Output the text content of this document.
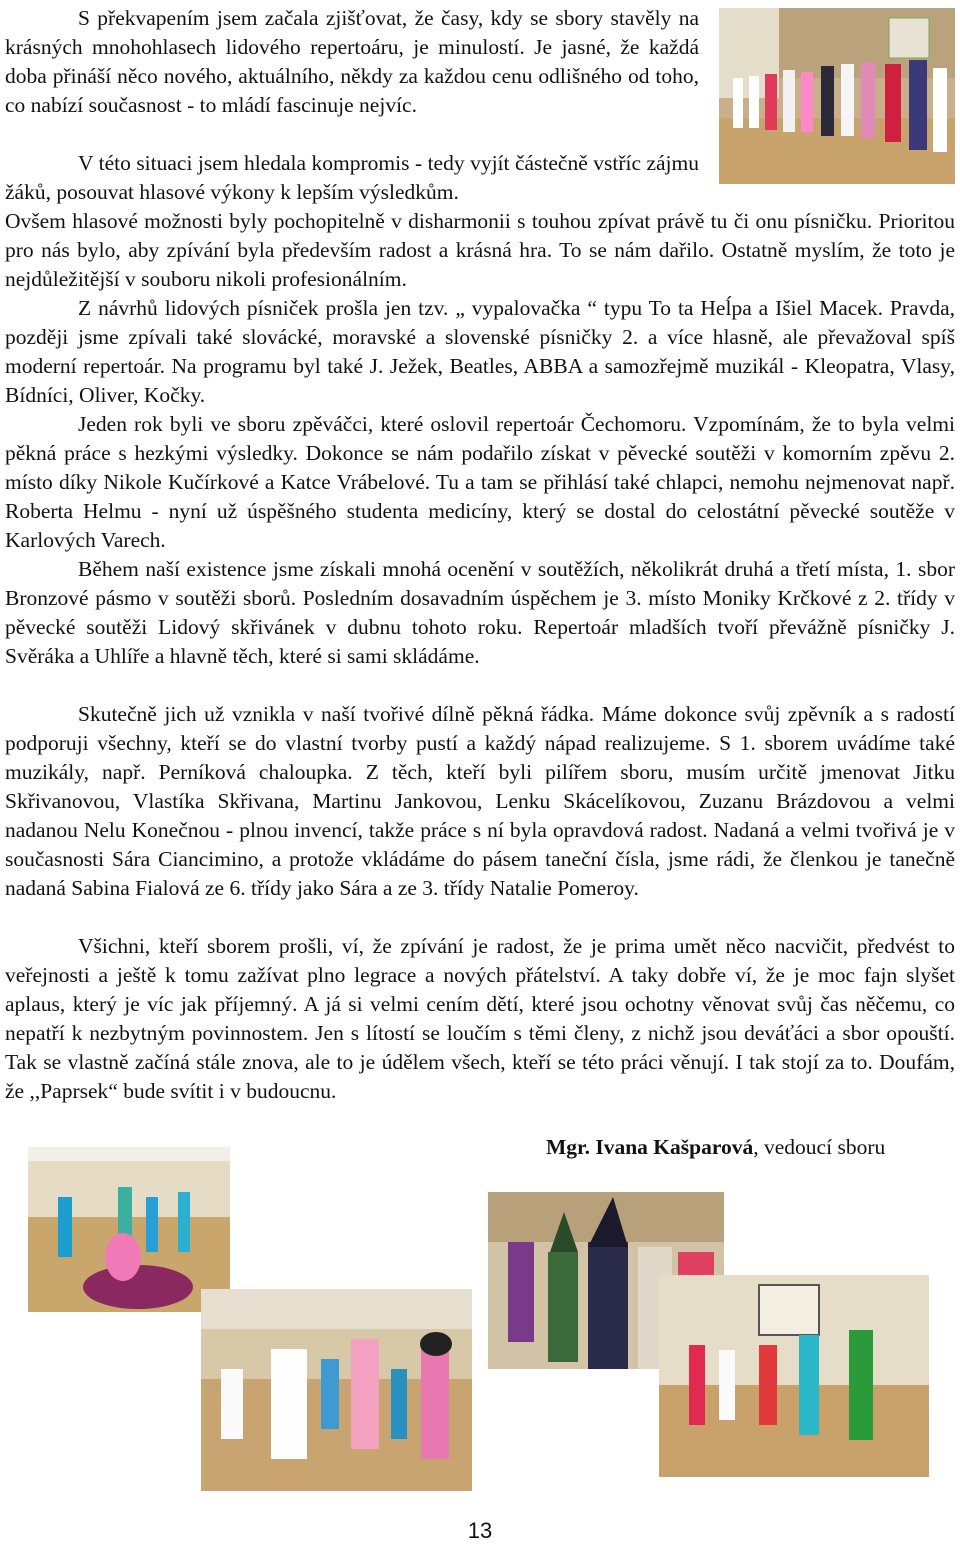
S překvapením jsem začala zjišťovat, že časy, kdy se sbory stavěly na krásných mnohohlasech lidového repertoáru, je minulostí. Je jasné, že každá doba přináší něco nového, aktuálního, někdy za každou cenu odlišného od toho, co nabízí současnost - to mládí fascinuje nejvíc.

V této situaci jsem hledala kompromis - tedy vyjít částečně vstříc zájmu žáků, posouvat hlasové výkony k lepším výsledkům.

Ovšem hlasové možnosti byly pochopitelně v disharmonii s touhou zpívat právě tu či onu písničku. Prioritou pro nás bylo, aby zpívání byla především radost a krásná hra. To se nám dařilo. Ostatně myslím, že toto je nejdůležitější v souboru nikoli profesionálním.

Z návrhů lidových písniček prošla jen tzv. „ vypalovačka “ typu To ta Heĺpa a Išiel Macek. Pravda, později jsme zpívali také slovácké, moravské a slovenské písničky 2. a více hlasně, ale převažoval spíš moderní repertoár. Na programu byl také J. Ježek, Beatles, ABBA a samozřejmě muzikál - Kleopatra, Vlasy, Bídníci, Oliver, Kočky.

Jeden rok byli ve sboru zpěváčci, které oslovil repertoár Čechomoru. Vzpomínám, že to byla velmi pěkná práce s hezkými výsledky. Dokonce se nám podařilo získat v pěvecké soutěži v komorním zpěvu 2. místo díky Nikole Kučírkové a Katce Vrábelové. Tu a tam se přihlásí také chlapci, nemohu nejmenovat např. Roberta Helmu - nyní už úspěšného studenta medicíny, který se dostal do celostátní pěvecké soutěže v Karlových Varech.

Během naší existence jsme získali mnohá ocenění v soutěžích, několikrát druhá a třetí místa, 1. sbor Bronzové pásmo v soutěži sborů. Posledním dosavadním úspěchem je 3. místo Moniky Krčkové z 2. třídy v pěvecké soutěži Lidový skřivánek v dubnu tohoto roku. Repertoár mladších tvoří převážně písničky J. Svěráka a Uhlíře a hlavně těch, které si sami skládáme.

Skutečně jich už vznikla v naší tvořivé dílně pěkná řádka. Máme dokonce svůj zpěvník a s radostí podporuji všechny, kteří se do vlastní tvorby pustí a každý nápad realizujeme. S 1. sborem uvádíme také muzikály, např. Perníková chaloupka. Z těch, kteří byli pilířem sboru, musím určitě jmenovat Jitku Skřivanovou, Vlastíka Skřivana, Martinu Jankovou, Lenku Skácelíkovou, Zuzanu Brázdovou a velmi nadanou Nelu Konečnou - plnou invencí, takže práce s ní byla opravdová radost. Nadaná a velmi tvořivá je v současnosti Sára Ciancimino, a protože vkládáme do pásem taneční čísla, jsme rádi, že členkou je tanečně nadaná Sabina Fialová ze 6. třídy jako Sára a ze 3. třídy Natalie Pomeroy.

Všichni, kteří sborem prošli, ví, že zpívání je radost, že je prima umět něco nacvičit, předvést to veřejnosti a ještě k tomu zažívat plno legrace a nových přátelství. A taky dobře ví, že je moc fajn slyšet aplaus, který je víc jak příjemný. A já si velmi cením dětí, které jsou ochotny věnovat svůj čas něčemu, co nepatří k nezbytným povinnostem. Jen s lítostí se loučím s těmi členy, z nichž jsou deváťáci a sbor opouští. Tak se vlastně začíná stále znova, ale to je údělem všech, kteří se této práci věnují. I tak stojí za to. Doufám, že ,,Paprsek“ bude svítit i v budoucnu.

Mgr. Ivana Kašparová, vedoucí sboru
13
